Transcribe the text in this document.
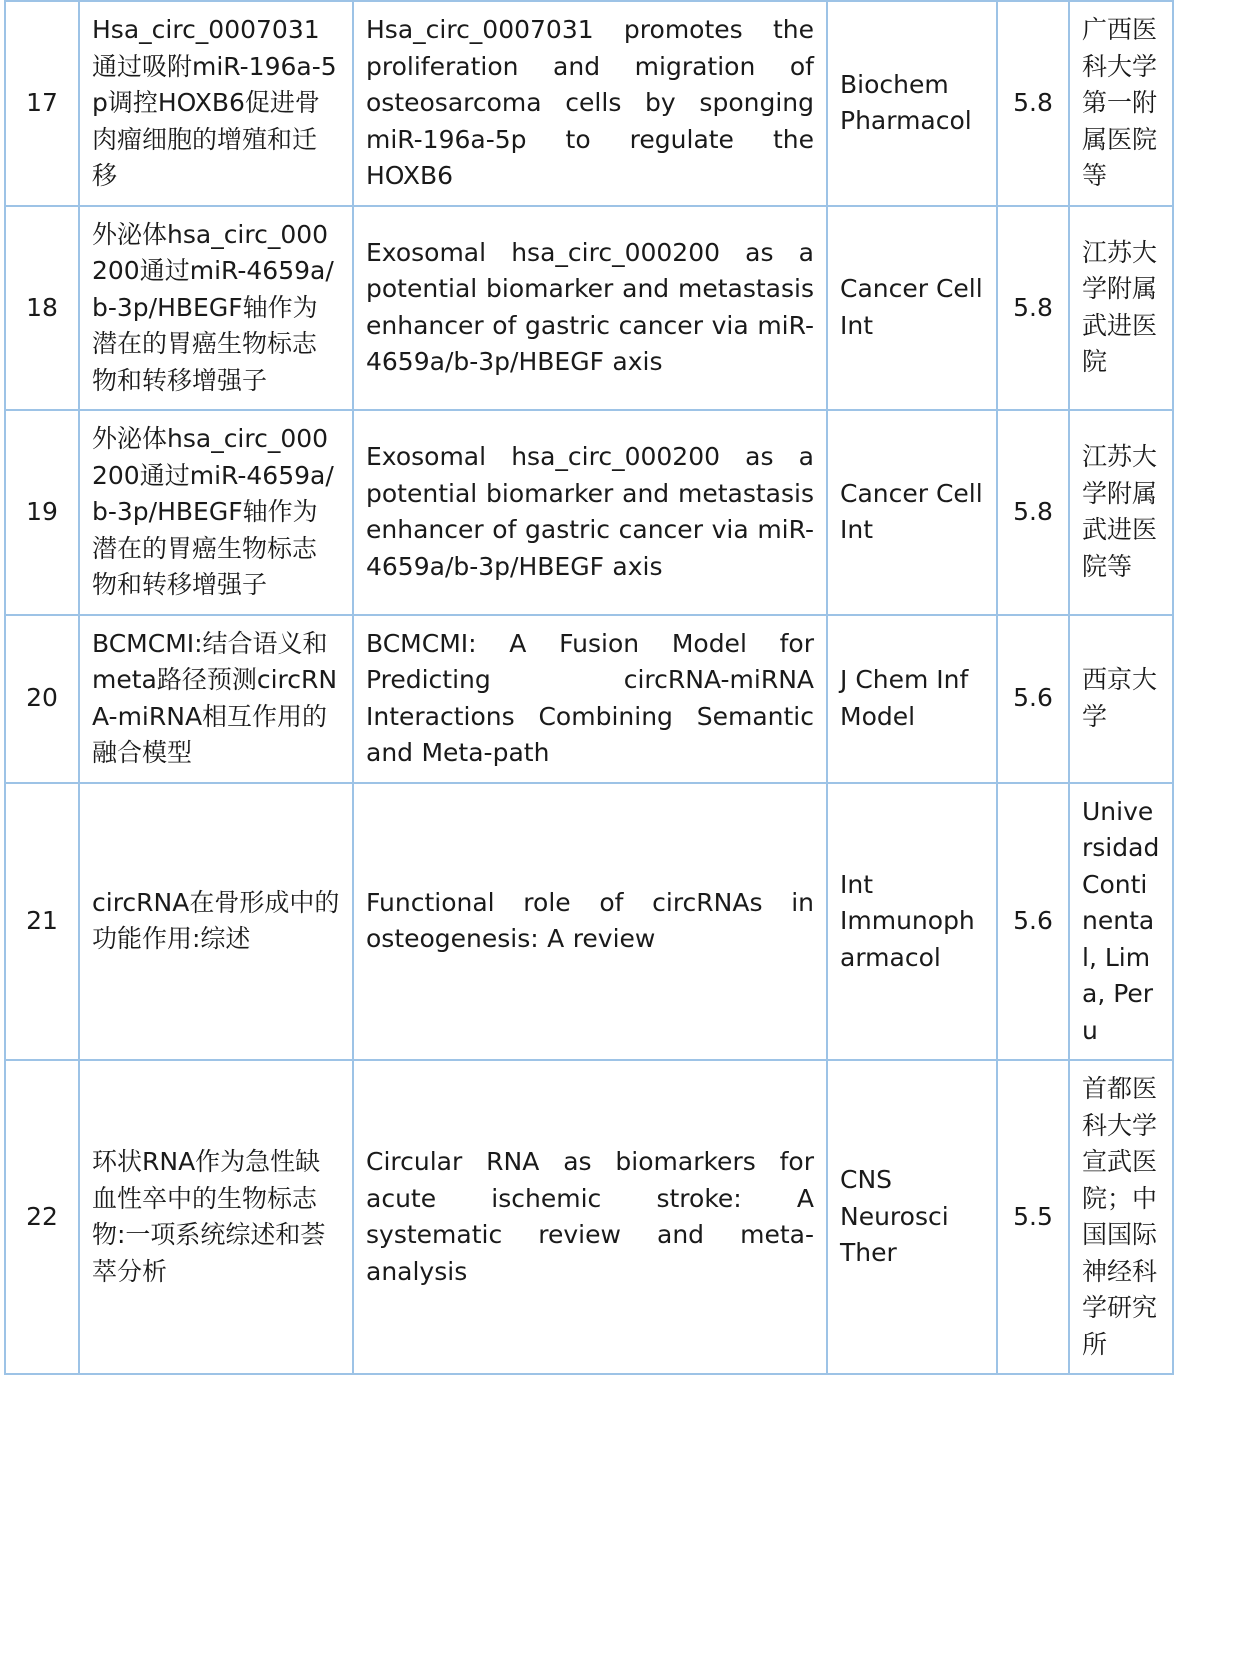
17	Hsa_circ_0007031通过吸附miR-196a-5p调控HOXB6促进骨肉瘤细胞的增殖和迁移	Hsa_circ_0007031 promotes the proliferation and migration of osteosarcoma cells by sponging miR-196a-5p to regulate the HOXB6	Biochem Pharmacol	5.8	广西医科大学第一附属医院等
18	外泌体hsa_circ_000200通过miR-4659a/b-3p/HBEGF轴作为潜在的胃癌生物标志物和转移增强子	Exosomal hsa_circ_000200 as a potential biomarker and metastasis enhancer of gastric cancer via miR-4659a/b-3p/HBEGF axis	Cancer Cell Int	5.8	江苏大学附属武进医院
19	外泌体hsa_circ_000200通过miR-4659a/b-3p/HBEGF轴作为潜在的胃癌生物标志物和转移增强子	Exosomal hsa_circ_000200 as a potential biomarker and metastasis enhancer of gastric cancer via miR-4659a/b-3p/HBEGF axis	Cancer Cell Int	5.8	江苏大学附属武进医院等
20	BCMCMI:结合语义和meta路径预测circRNA-miRNA相互作用的融合模型	BCMCMI: A Fusion Model for Predicting circRNA-miRNA Interactions Combining Semantic and Meta-path	J Chem Inf Model	5.6	西京大学
21	circRNA在骨形成中的功能作用:综述	Functional role of circRNAs in osteogenesis: A review	Int Immunopharmacol	5.6	Universidad Continental, Lima, Peru
22	环状RNA作为急性缺血性卒中的生物标志物:一项系统综述和荟萃分析	Circular RNA as biomarkers for acute ischemic stroke: A systematic review and meta-analysis	CNS Neurosci Ther	5.5	首都医科大学宣武医院；中国国际神经科学研究所
